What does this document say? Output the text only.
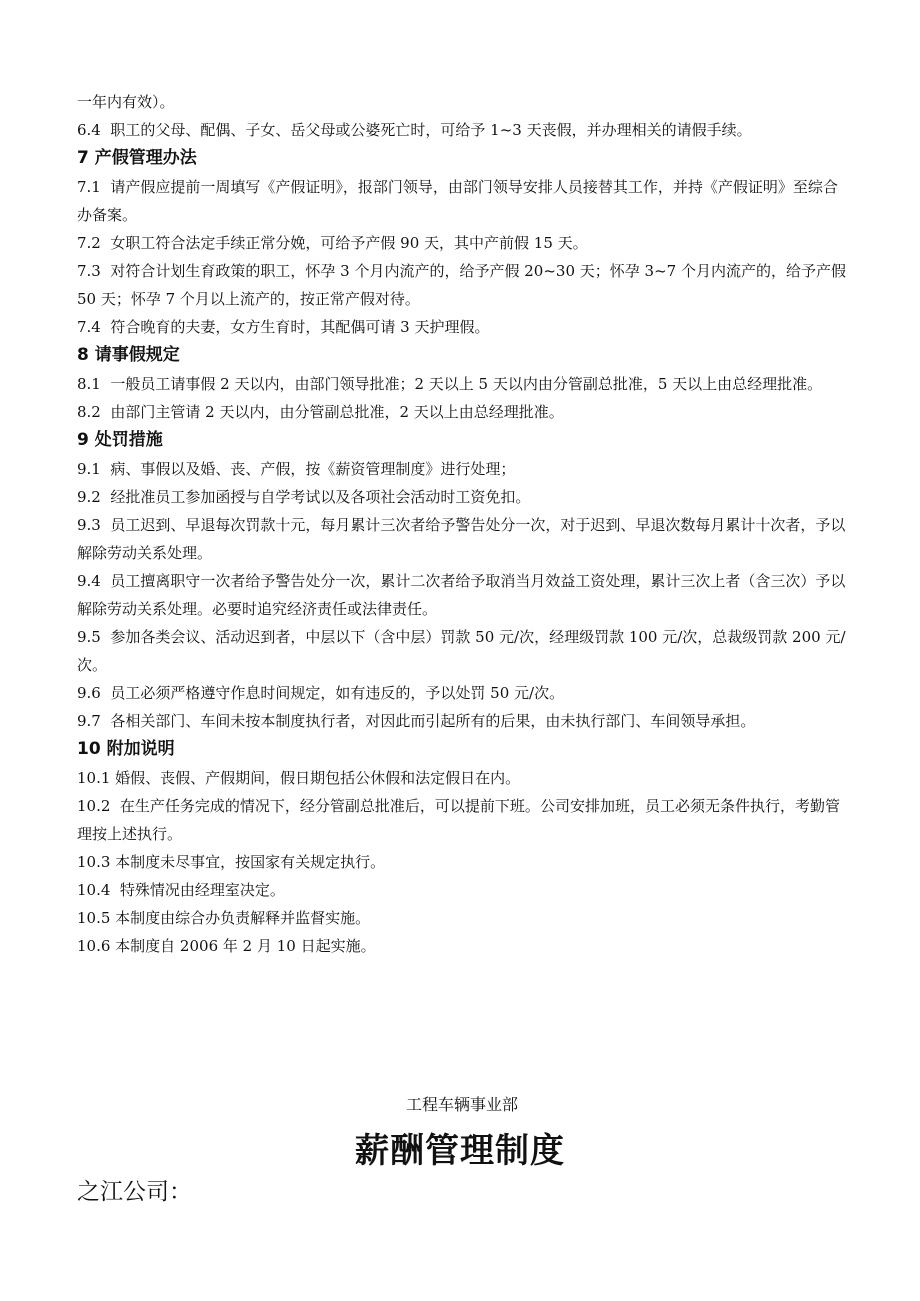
一年内有效）。

6.4  职工的父母、配偶、子女、岳父母或公婆死亡时，可给予 1~3 天丧假，并办理相关的请假手续。

7 产假管理办法

7.1  请产假应提前一周填写《产假证明》，报部门领导，由部门领导安排人员接替其工作，并持《产假证明》至综合办备案。

7.2  女职工符合法定手续正常分娩，可给予产假 90 天，其中产前假 15 天。

7.3  对符合计划生育政策的职工，怀孕 3 个月内流产的，给予产假 20~30 天；怀孕 3~7 个月内流产的，给予产假 50 天；怀孕 7 个月以上流产的，按正常产假对待。

7.4  符合晚育的夫妻，女方生育时，其配偶可请 3 天护理假。

8 请事假规定

8.1  一般员工请事假 2 天以内，由部门领导批准；2 天以上 5 天以内由分管副总批准，5 天以上由总经理批准。

8.2  由部门主管请 2 天以内，由分管副总批准，2 天以上由总经理批准。

9 处罚措施

9.1  病、事假以及婚、丧、产假，按《薪资管理制度》进行处理；

9.2  经批准员工参加函授与自学考试以及各项社会活动时工资免扣。

9.3  员工迟到、早退每次罚款十元，每月累计三次者给予警告处分一次，对于迟到、早退次数每月累计十次者，予以解除劳动关系处理。

9.4  员工擅离职守一次者给予警告处分一次，累计二次者给予取消当月效益工资处理，累计三次上者（含三次）予以解除劳动关系处理。必要时追究经济责任或法律责任。

9.5  参加各类会议、活动迟到者，中层以下（含中层）罚款 50 元/次，经理级罚款 100 元/次，总裁级罚款 200 元/次。

9.6  员工必须严格遵守作息时间规定，如有违反的，予以处罚 50 元/次。

9.7  各相关部门、车间未按本制度执行者，对因此而引起所有的后果，由未执行部门、车间领导承担。

10 附加说明

10.1 婚假、丧假、产假期间，假日期包括公休假和法定假日在内。

10.2  在生产任务完成的情况下，经分管副总批准后，可以提前下班。公司安排加班，员工必须无条件执行，考勤管理按上述执行。

10.3 本制度未尽事宜，按国家有关规定执行。

10.4  特殊情况由经理室决定。

10.5 本制度由综合办负责解释并监督实施。

10.6 本制度自 2006 年 2 月 10 日起实施。

工程车辆事业部

薪酬管理制度

之江公司：
